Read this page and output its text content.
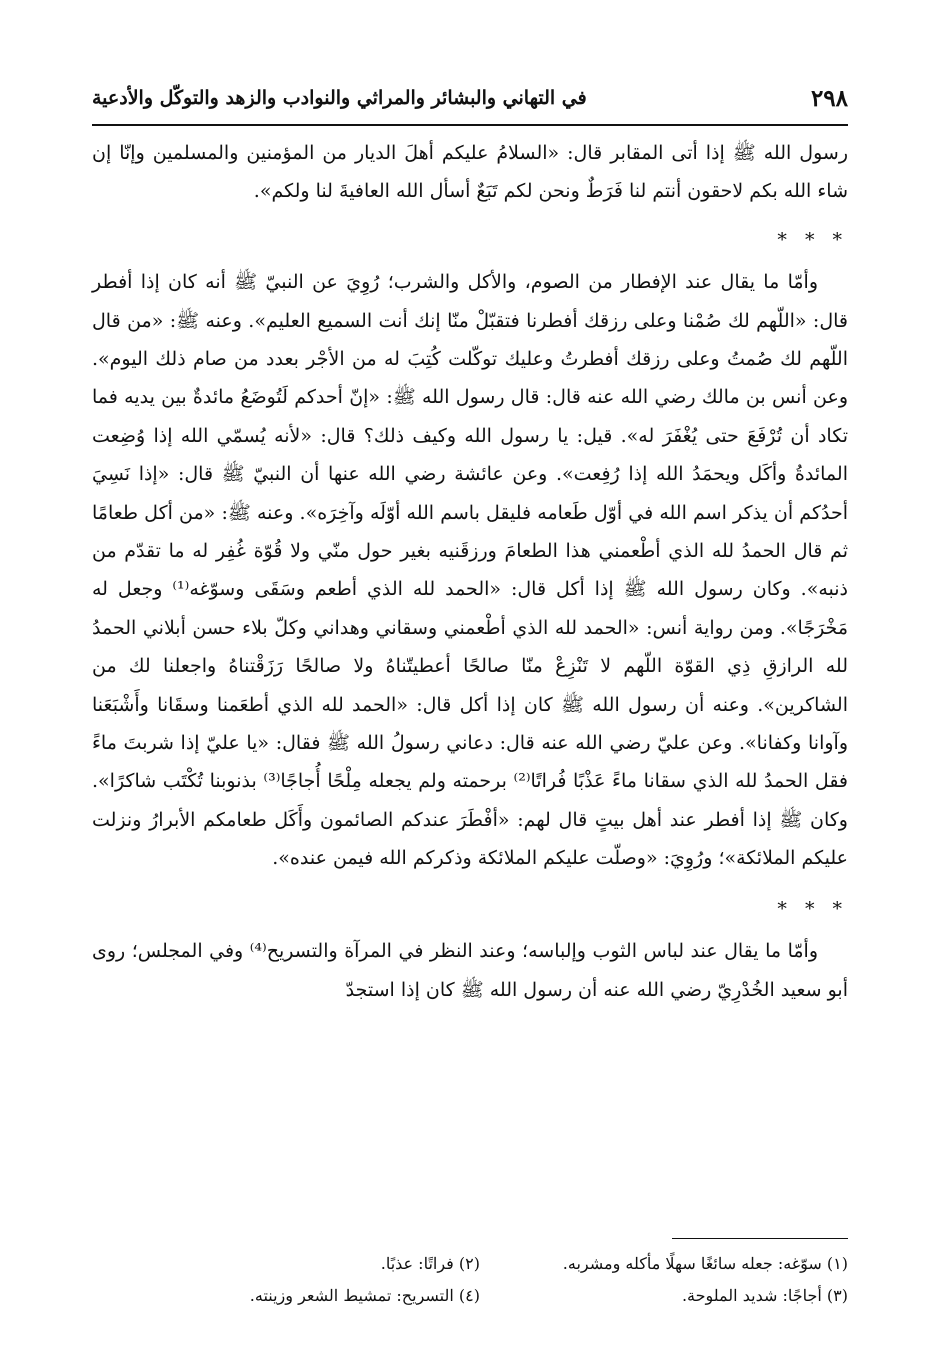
٢٩٨
في التهاني والبشائر والمراثي والنوادب والزهد والتوكّل والأدعية

رسول الله ﷺ إذا أتى المقابر قال: «السلامُ عليكم أهلَ الديار من المؤمنين والمسلمين وإنّا إن شاء الله بكم لاحقون أنتم لنا فَرَطٌ ونحن لكم تَبَعٌ أسأل الله العافيةَ لنا ولكم».

* * *

وأمّا ما يقال عند الإفطار من الصوم، والأكل والشرب؛ رُوِيَ عن النبيّ ﷺ أنه كان إذا أفطر قال: «اللّهم لك صُمْنا وعلى رزقك أفطرنا فتقبّلْ منّا إنك أنت السميع العليم». وعنه ﷺ: «من قال اللّهم لك صُمتُ وعلى رزقك أفطرتُ وعليك توكّلت كُتِبَ له من الأجْر بعدد من صام ذلك اليوم». وعن أنس بن مالك رضي الله عنه قال: قال رسول الله ﷺ: «إنّ أحدكم لَتُوضَعُ مائدةٌ بين يديه فما تكاد أن تُرْفَعَ حتى يُغْفَرَ له». قيل: يا رسول الله وكيف ذلك؟ قال: «لأنه يُسمّي الله إذا وُضِعت المائدةُ وأكَل ويحمَدُ الله إذا رُفِعت». وعن عائشة رضي الله عنها أن النبيّ ﷺ قال: «إذا نَسِيَ أحدُكم أن يذكر اسم الله في أوّل طَعامه فليقل باسم الله أوّلَه وآخِرَه». وعنه ﷺ: «من أكل طعامًا ثم قال الحمدُ لله الذي أطْعمني هذا الطعامَ ورزقَنيه بغير حول منّي ولا قُوّة غُفِر له ما تقدّم من ذنبه». وكان رسول الله ﷺ إذا أكل قال: «الحمد لله الذي أطعم وسَقَى وسوّغه⁽¹⁾ وجعل له مَخْرَجًا». ومن رواية أنس: «الحمد لله الذي أطْعمني وسقاني وهداني وكلّ بلاء حسن أبلاني الحمدُ لله الرازقِ ذِي القوّة اللّهم لا تَنْزِعْ منّا صالحًا أعطيتّناهُ ولا صالحًا رَزَقْتناهُ واجعلنا لك من الشاكرين». وعنه أن رسول الله ﷺ كان إذا أكل قال: «الحمد لله الذي أطعَمنا وسقَانا وأَشْبَعَنا وآوانا وكفانا». وعن عليّ رضي الله عنه قال: دعاني رسولُ الله ﷺ فقال: «يا عليّ إذا شربتَ ماءً فقل الحمدُ لله الذي سقانا ماءً عَذْبًا فُراتًا⁽²⁾ برحمته ولم يجعله مِلْحًا أُجاجًا⁽³⁾ بذنوبنا تُكْتَب شاكرًا». وكان ﷺ إذا أفطر عند أهل بيتٍ قال لهم: «أفْطَرَ عندكم الصائمون وأَكَل طعامكم الأبرارُ ونزلت عليكم الملائكة»؛ ورُوِيَ: «وصلّت عليكم الملائكة وذكركم الله فيمن عنده».

* * *

وأمّا ما يقال عند لباس الثوب وإلباسه؛ وعند النظر في المرآة والتسريح⁽⁴⁾ وفي المجلس؛ روى أبو سعيد الخُدْرِيّ رضي الله عنه أن رسول الله ﷺ كان إذا استجدّ

(١) سوّغه: جعله سائغًا سهلًا مأكله ومشربه.
(٢) فراتًا: عذبًا.
(٣) أجاجًا: شديد الملوحة.
(٤) التسريح: تمشيط الشعر وزينته.
